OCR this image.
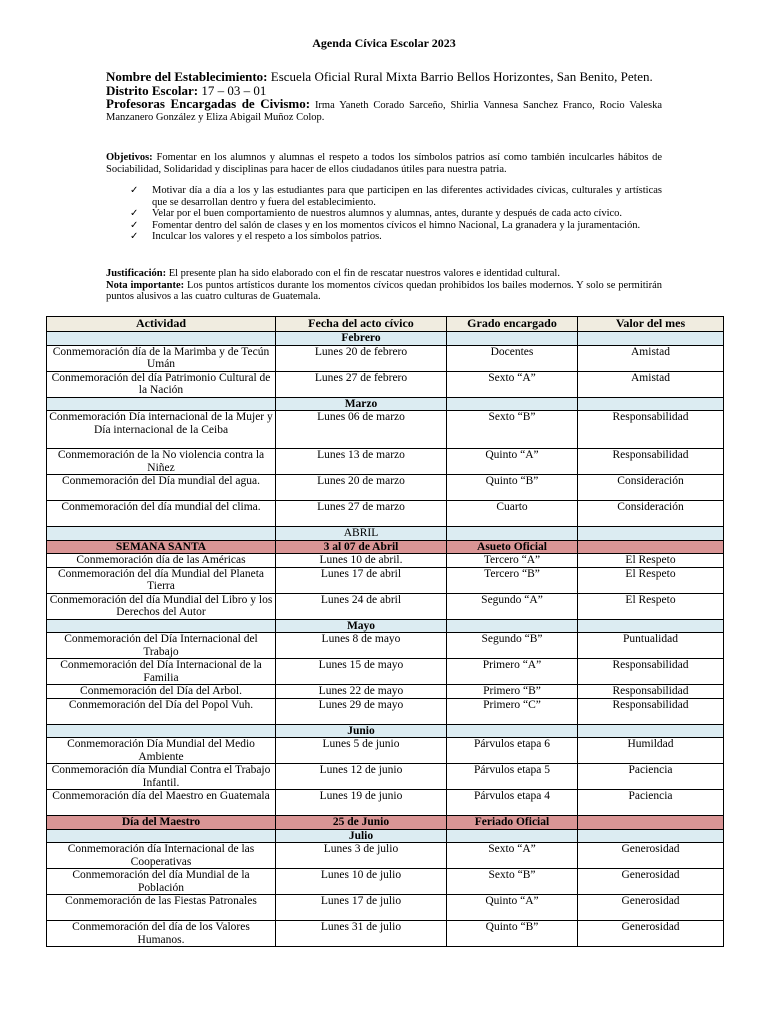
Agenda Cívica Escolar 2023
Nombre del Establecimiento: Escuela Oficial Rural Mixta Barrio Bellos Horizontes, San Benito, Peten.
Distrito Escolar: 17 – 03 – 01
Profesoras Encargadas de Civismo: Irma Yaneth Corado Sarceño, Shirlia Vannesa Sanchez Franco, Rocio Valeska Manzanero González y Eliza Abigail Muñoz Colop.
Objetivos: Fomentar en los alumnos y alumnas el respeto a todos los símbolos patrios así como también inculcarles hábitos de Sociabilidad, Solidaridad y disciplinas para hacer de ellos ciudadanos útiles para nuestra patria.
✓ Motivar día a día a los y las estudiantes para que participen en las diferentes actividades cívicas, culturales y artísticas que se desarrollan dentro y fuera del establecimiento.
✓ Velar por el buen comportamiento de nuestros alumnos y alumnas, antes, durante y después de cada acto cívico.
✓ Fomentar dentro del salón de clases y en los momentos cívicos el himno Nacional, La granadera y la juramentación.
✓ Inculcar los valores y el respeto a los símbolos patrios.
Justificación: El presente plan ha sido elaborado con el fin de rescatar nuestros valores e identidad cultural.
Nota importante: Los puntos artísticos durante los momentos cívicos quedan prohibidos los bailes modernos. Y solo se permitirán puntos alusivos a las cuatro culturas de Guatemala.
Actividad	Fecha del acto cívico	Grado encargado	Valor del mes
	Febrero		
Conmemoración día de la Marimba y de Tecún Umán	Lunes 20 de febrero	Docentes	Amistad
Conmemoración del día Patrimonio Cultural de la Nación	Lunes 27 de febrero	Sexto “A”	Amistad
	Marzo		
Conmemoración Día internacional de la Mujer y Día internacional de la Ceiba	Lunes 06 de marzo	Sexto “B”	Responsabilidad
Conmemoración de la No violencia contra la Niñez	Lunes 13 de marzo	Quinto “A”	Responsabilidad
Conmemoración del Día mundial del agua.	Lunes 20 de marzo	Quinto “B”	Consideración
Conmemoración del día mundial del clima.	Lunes 27 de marzo	Cuarto	Consideración
	ABRIL		
SEMANA SANTA	3 al 07 de Abril	Asueto Oficial	
Conmemoración día de las Américas	Lunes 10 de abril.	Tercero “A”	El Respeto
Conmemoración del día Mundial del Planeta Tierra	Lunes 17 de abril	Tercero “B”	El Respeto
Conmemoración del día Mundial del Libro y los Derechos del Autor	Lunes 24 de abril	Segundo “A”	El Respeto
	Mayo		
Conmemoración del Día Internacional del Trabajo	Lunes 8 de mayo	Segundo “B”	Puntualidad
Conmemoración del Día Internacional de la Familia	Lunes 15 de mayo	Primero “A”	Responsabilidad
Conmemoración del Día del Arbol.	Lunes 22 de mayo	Primero “B”	Responsabilidad
Conmemoración del Día del Popol Vuh.	Lunes 29 de mayo	Primero “C”	Responsabilidad
	Junio		
Conmemoración Día Mundial del Medio Ambiente	Lunes 5 de junio	Párvulos etapa 6	Humildad
Conmemoración día Mundial Contra el Trabajo Infantil.	Lunes 12 de junio	Párvulos etapa 5	Paciencia
Conmemoración día del Maestro en Guatemala	Lunes 19 de junio	Párvulos etapa 4	Paciencia
Día del Maestro	25 de Junio	Feriado Oficial	
	Julio		
Conmemoración día Internacional de las Cooperativas	Lunes 3 de julio	Sexto “A”	Generosidad
Conmemoración del día Mundial de la Población	Lunes 10 de julio	Sexto “B”	Generosidad
Conmemoración de las Fiestas Patronales	Lunes 17 de julio	Quinto “A”	Generosidad
Conmemoración del día de los Valores Humanos.	Lunes 31 de julio	Quinto “B”	Generosidad
